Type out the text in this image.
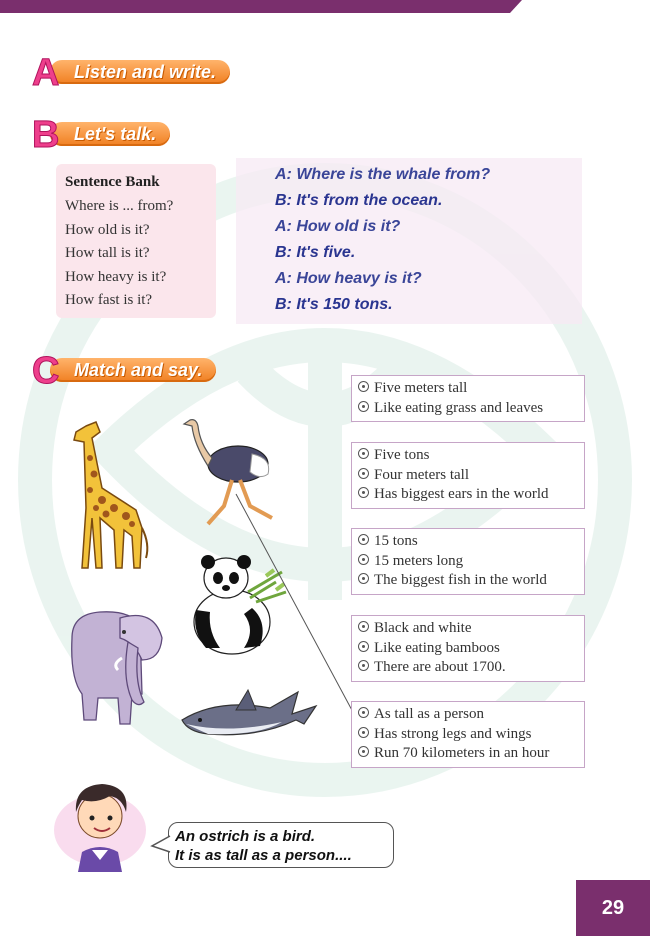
A Listen and write.
B Let's talk.
Sentence Bank
Where is ... from?
How old is it?
How tall is it?
How heavy is it?
How fast is it?
A: Where is the whale from?
B: It's from the ocean.
A: How old is it?
B: It's five.
A: How heavy is it?
B: It's 150 tons.
C Match and say.
Five meters tall
Like eating grass and leaves
Five tons
Four meters tall
Has biggest ears in the world
15 tons
15 meters long
The biggest fish in the world
Black and white
Like eating bamboos
There are about 1700.
As tall as a person
Has strong legs and wings
Run 70 kilometers in an hour
An ostrich is a bird.
It is as tall as a person....
29
